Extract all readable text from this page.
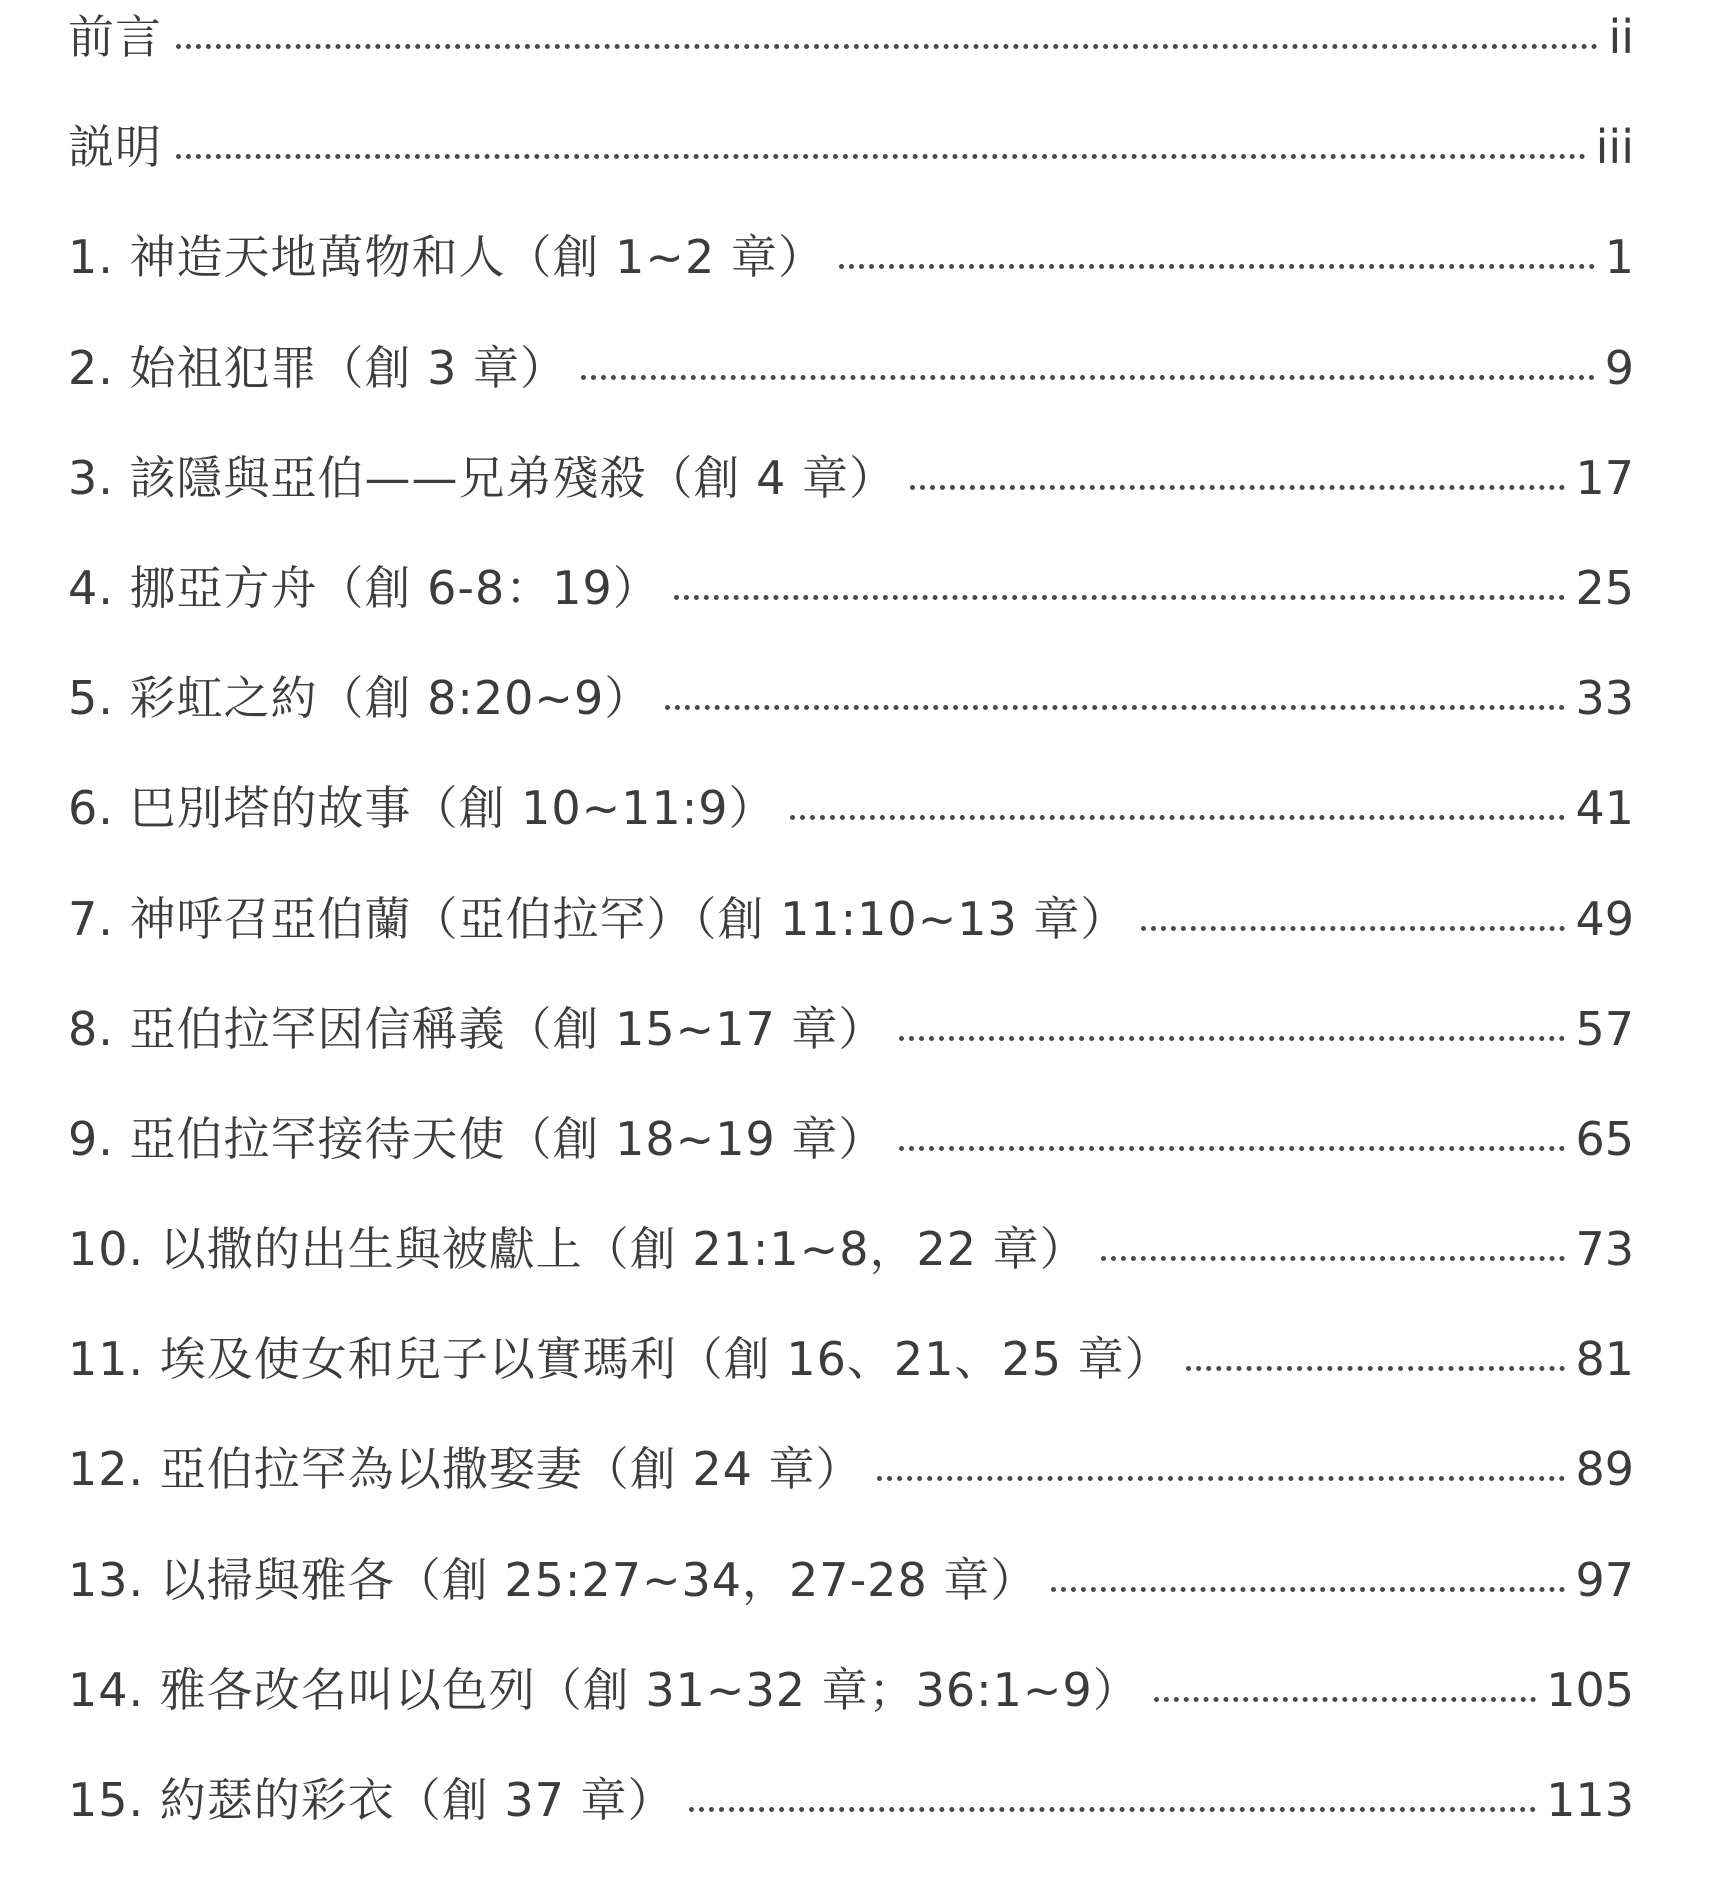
前言	ii
説明	iii
1. 神造天地萬物和人（創 1~2 章）	1
2. 始祖犯罪（創 3 章）	9
3. 該隱與亞伯——兄弟殘殺（創 4 章）	17
4. 挪亞方舟（創 6-8：19）	25
5. 彩虹之約（創 8:20~9）	33
6. 巴別塔的故事（創 10~11:9）	41
7. 神呼召亞伯蘭（亞伯拉罕）（創 11:10~13 章）	49
8. 亞伯拉罕因信稱義（創 15~17 章）	57
9. 亞伯拉罕接待天使（創 18~19 章）	65
10. 以撒的出生與被獻上（創 21:1~8，22 章）	73
11. 埃及使女和兒子以實瑪利（創 16、21、25 章）	81
12. 亞伯拉罕為以撒娶妻（創 24 章）	89
13. 以掃與雅各（創 25:27~34，27-28 章）	97
14. 雅各改名叫以色列（創 31~32 章；36:1~9）	105
15. 約瑟的彩衣（創 37 章）	113
